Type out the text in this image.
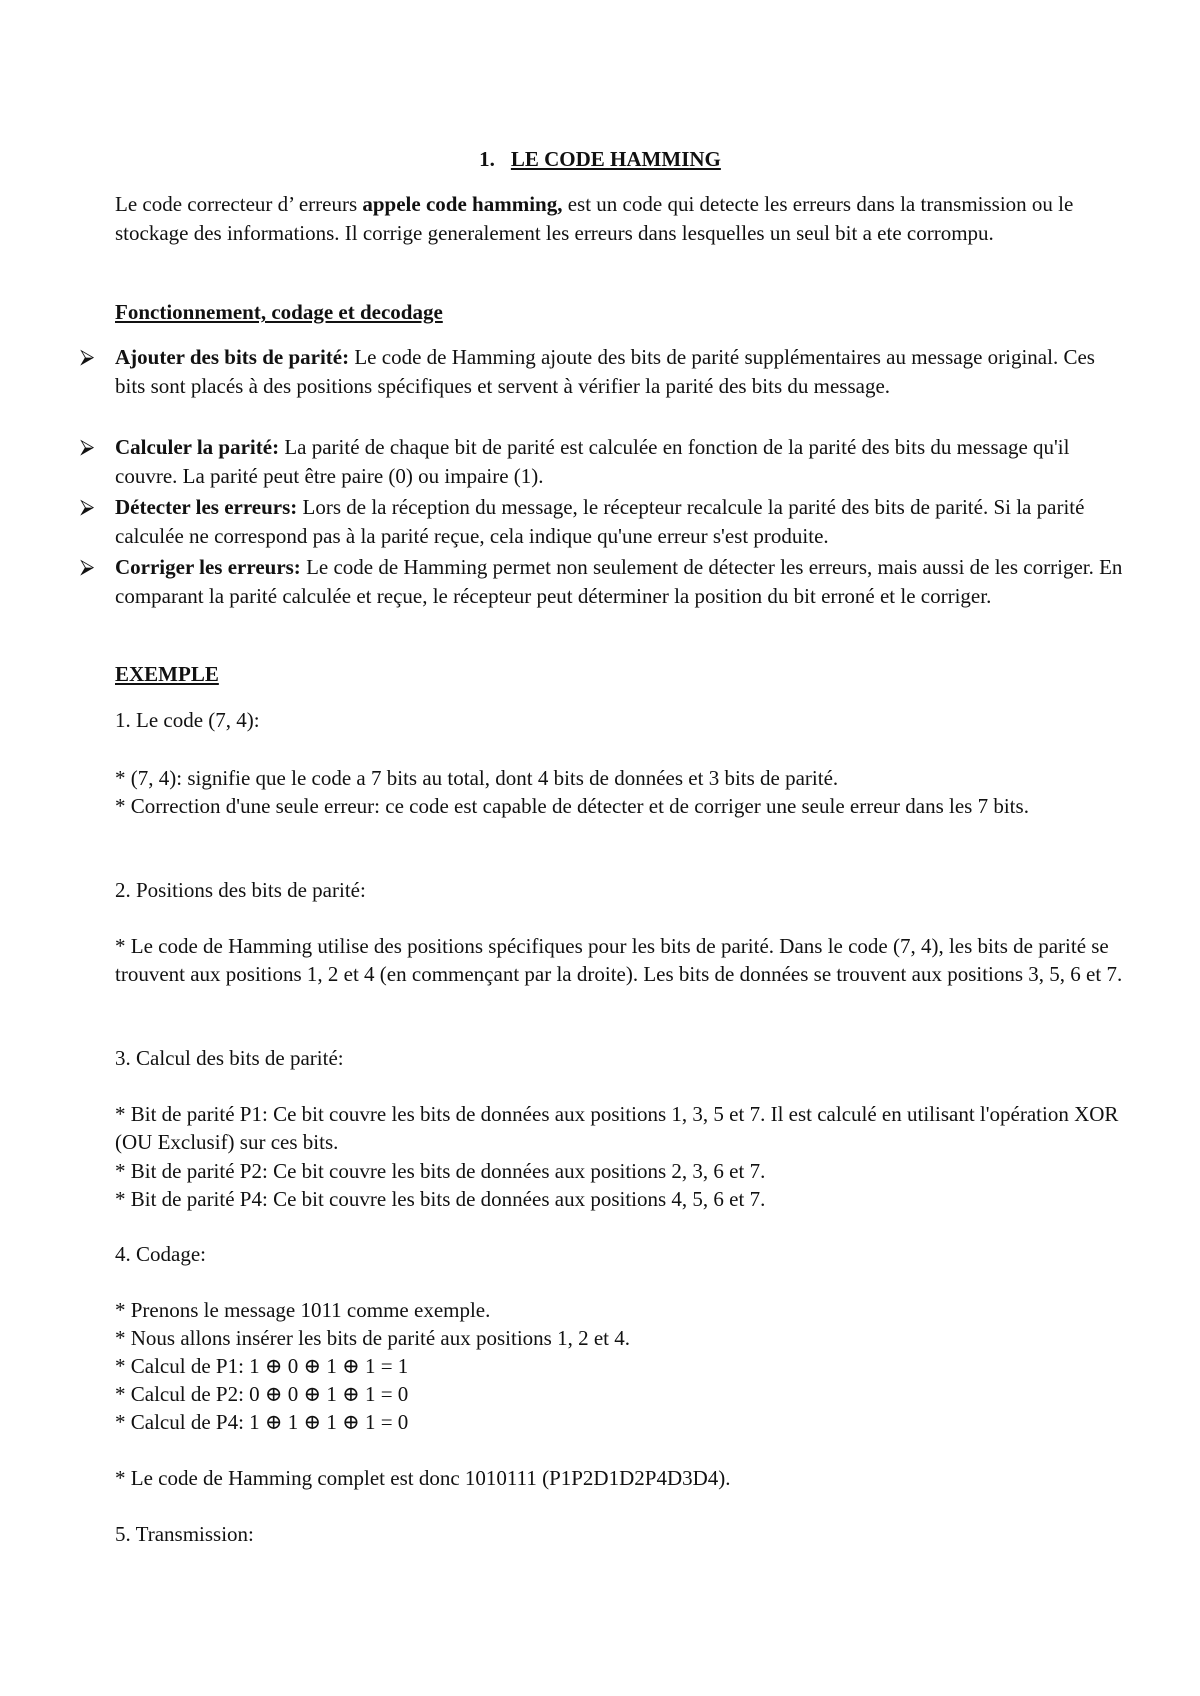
1. LE CODE HAMMING
Le code correcteur d’ erreurs appele code hamming, est un code qui detecte les erreurs dans la transmission ou le stockage des informations. Il corrige generalement les erreurs dans lesquelles un seul bit a ete corrompu.
Fonctionnement, codage et decodage
⮚ Ajouter des bits de parité: Le code de Hamming ajoute des bits de parité supplémentaires au message original. Ces bits sont placés à des positions spécifiques et servent à vérifier la parité des bits du message.
⮚ Calculer la parité: La parité de chaque bit de parité est calculée en fonction de la parité des bits du message qu'il couvre. La parité peut être paire (0) ou impaire (1).
⮚ Détecter les erreurs: Lors de la réception du message, le récepteur recalcule la parité des bits de parité. Si la parité calculée ne correspond pas à la parité reçue, cela indique qu'une erreur s'est produite.
⮚ Corriger les erreurs: Le code de Hamming permet non seulement de détecter les erreurs, mais aussi de les corriger. En comparant la parité calculée et reçue, le récepteur peut déterminer la position du bit erroné et le corriger.
EXEMPLE
1. Le code (7, 4):
* (7, 4): signifie que le code a 7 bits au total, dont 4 bits de données et 3 bits de parité.
* Correction d'une seule erreur: ce code est capable de détecter et de corriger une seule erreur dans les 7 bits.
2. Positions des bits de parité:
* Le code de Hamming utilise des positions spécifiques pour les bits de parité. Dans le code (7, 4), les bits de parité se trouvent aux positions 1, 2 et 4 (en commençant par la droite). Les bits de données se trouvent aux positions 3, 5, 6 et 7.
3. Calcul des bits de parité:
* Bit de parité P1: Ce bit couvre les bits de données aux positions 1, 3, 5 et 7. Il est calculé en utilisant l'opération XOR (OU Exclusif) sur ces bits.
* Bit de parité P2: Ce bit couvre les bits de données aux positions 2, 3, 6 et 7.
* Bit de parité P4: Ce bit couvre les bits de données aux positions 4, 5, 6 et 7.
4. Codage:
* Prenons le message 1011 comme exemple.
* Nous allons insérer les bits de parité aux positions 1, 2 et 4.
* Calcul de P1: 1 ⊕ 0 ⊕ 1 ⊕ 1 = 1
* Calcul de P2: 0 ⊕ 0 ⊕ 1 ⊕ 1 = 0
* Calcul de P4: 1 ⊕ 1 ⊕ 1 ⊕ 1 = 0
* Le code de Hamming complet est donc 1010111 (P1P2D1D2P4D3D4).
5. Transmission:
